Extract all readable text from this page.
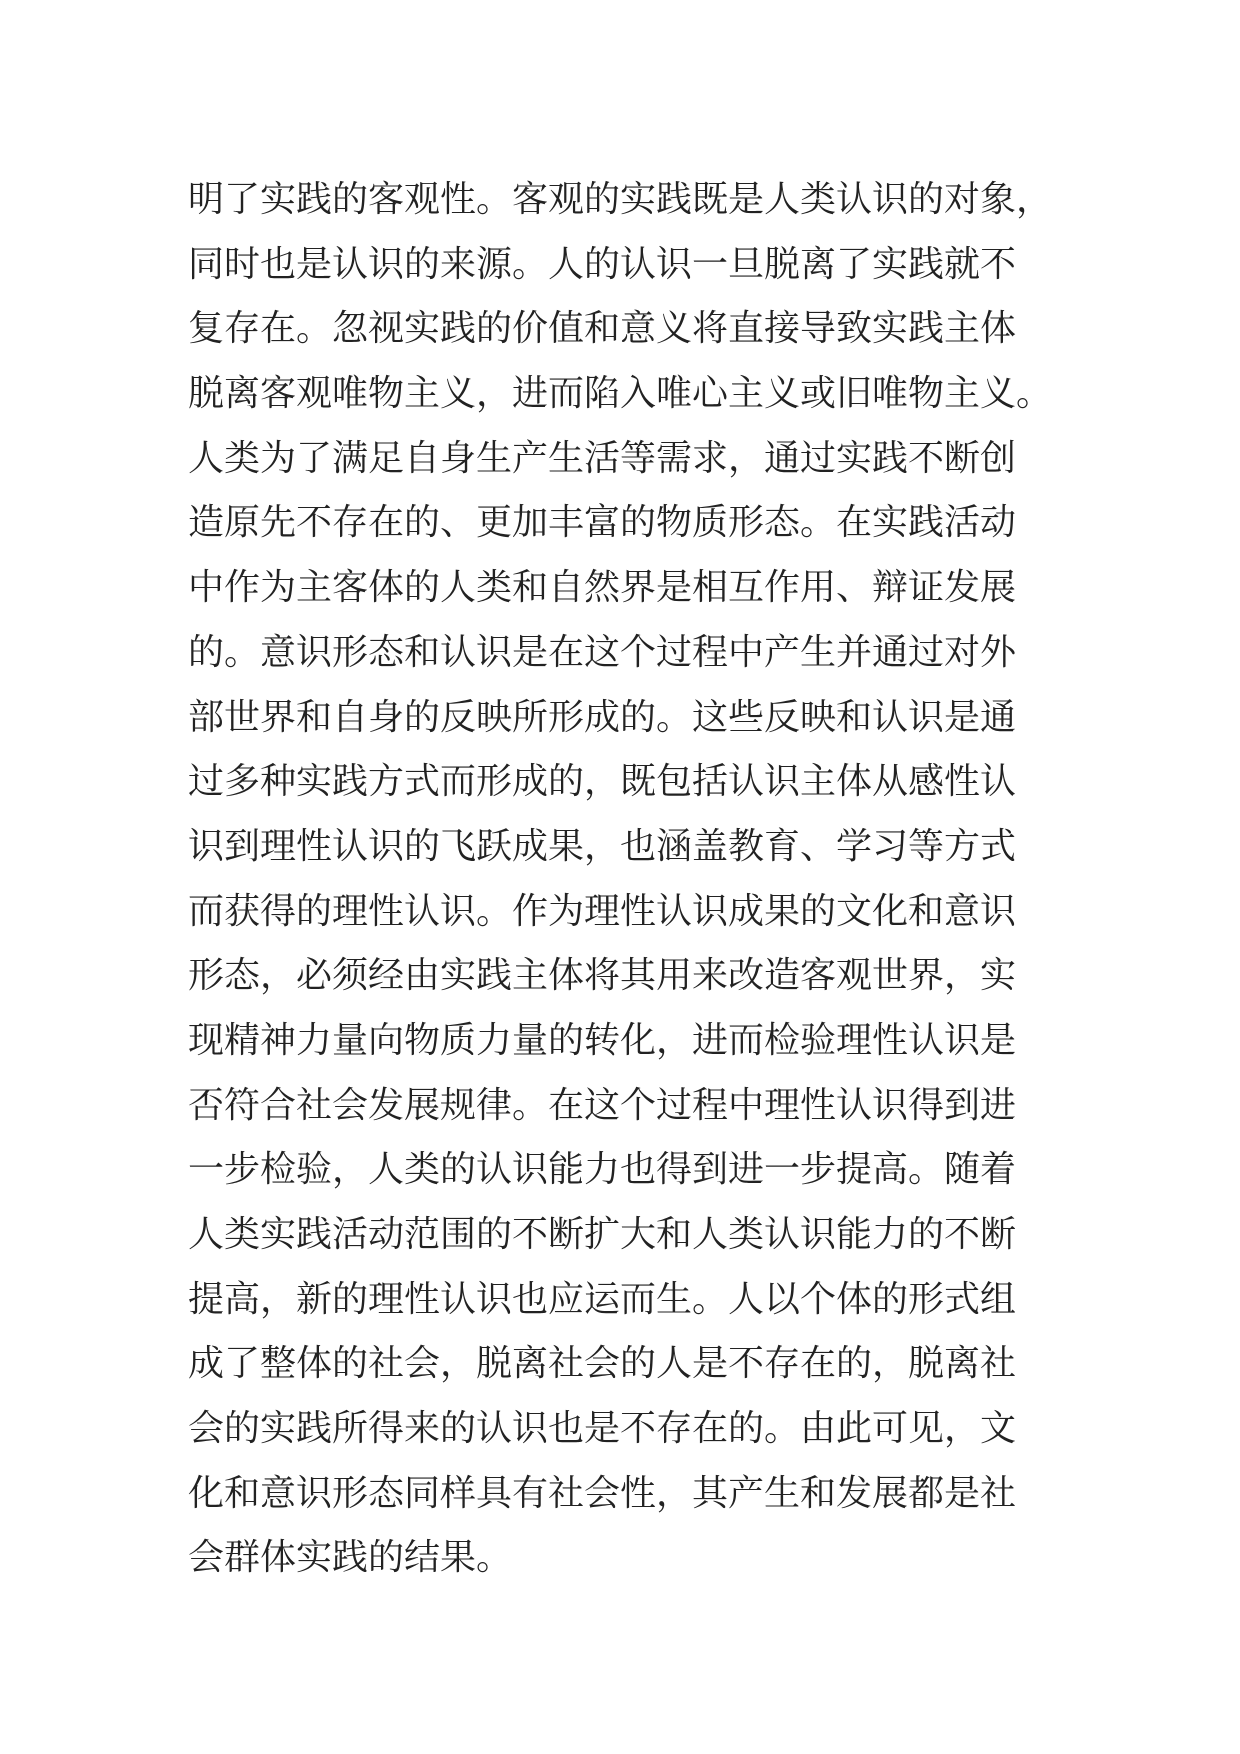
明了实践的客观性。客观的实践既是人类认识的对象，
同时也是认识的来源。人的认识一旦脱离了实践就不
复存在。忽视实践的价值和意义将直接导致实践主体
脱离客观唯物主义，进而陷入唯心主义或旧唯物主义。
人类为了满足自身生产生活等需求，通过实践不断创
造原先不存在的、更加丰富的物质形态。在实践活动
中作为主客体的人类和自然界是相互作用、辩证发展
的。意识形态和认识是在这个过程中产生并通过对外
部世界和自身的反映所形成的。这些反映和认识是通
过多种实践方式而形成的，既包括认识主体从感性认
识到理性认识的飞跃成果，也涵盖教育、学习等方式
而获得的理性认识。作为理性认识成果的文化和意识
形态，必须经由实践主体将其用来改造客观世界，实
现精神力量向物质力量的转化，进而检验理性认识是
否符合社会发展规律。在这个过程中理性认识得到进
一步检验，人类的认识能力也得到进一步提高。随着
人类实践活动范围的不断扩大和人类认识能力的不断
提高，新的理性认识也应运而生。人以个体的形式组
成了整体的社会，脱离社会的人是不存在的，脱离社
会的实践所得来的认识也是不存在的。由此可见，文
化和意识形态同样具有社会性，其产生和发展都是社
会群体实践的结果。
